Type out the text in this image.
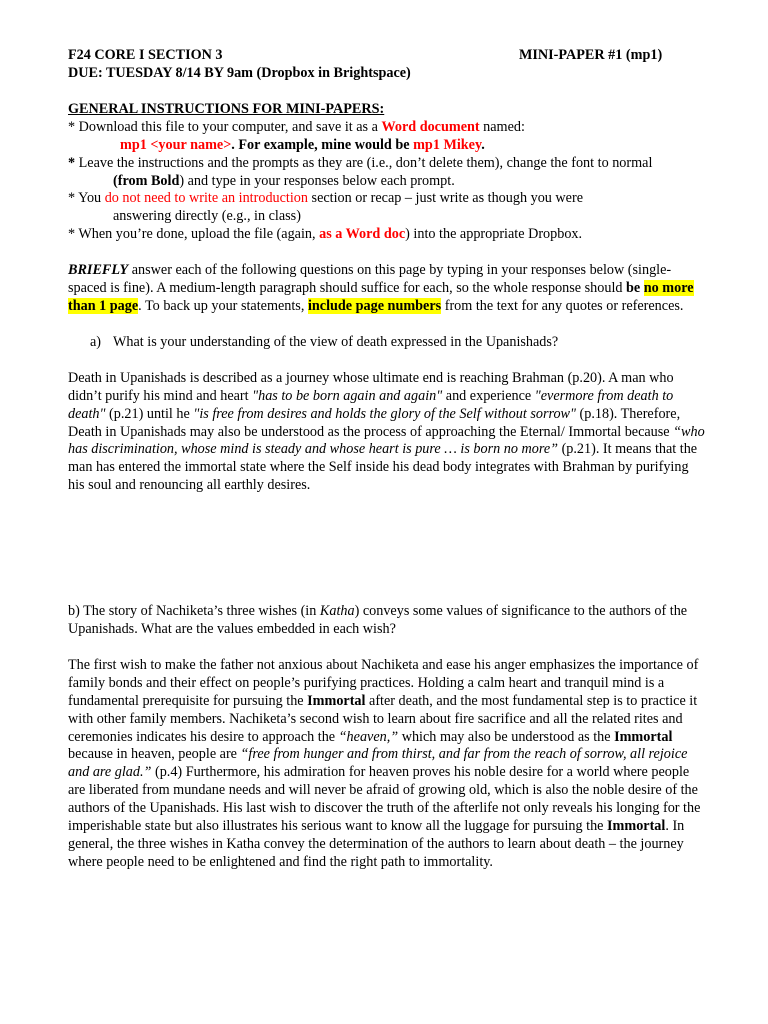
F24 CORE I SECTION 3	MINI-PAPER #1 (mp1)

DUE: TUESDAY 8/14 BY 9am (Dropbox in Brightspace)

GENERAL INSTRUCTIONS FOR MINI-PAPERS:

* Download this file to your computer, and save it as a Word document named:

mp1 <your name>. For example, mine would be mp1 Mikey.

* Leave the instructions and the prompts as they are (i.e., don’t delete them), change the font to normal

(from Bold) and type in your responses below each prompt.

* You do not need to write an introduction section or recap – just write as though you were

answering directly (e.g., in class)

* When you’re done, upload the file (again, as a Word doc) into the appropriate Dropbox.

BRIEFLY answer each of the following questions on this page by typing in your responses below (single-spaced is fine). A medium-length paragraph should suffice for each, so the whole response should be no more than 1 page. To back up your statements, include page numbers from the text for any quotes or references.

a) What is your understanding of the view of death expressed in the Upanishads?

Death in Upanishads is described as a journey whose ultimate end is reaching Brahman (p.20). A man who didn’t purify his mind and heart "has to be born again and again" and experience "evermore from death to death" (p.21) until he "is free from desires and holds the glory of the Self without sorrow" (p.18). Therefore, Death in Upanishads may also be understood as the process of approaching the Eternal/ Immortal because “who has discrimination, whose mind is steady and whose heart is pure … is born no more” (p.21). It means that the man has entered the immortal state where the Self inside his dead body integrates with Brahman by purifying his soul and renouncing all earthly desires.

b) The story of Nachiketa’s three wishes (in Katha) conveys some values of significance to the authors of the Upanishads. What are the values embedded in each wish?

The first wish to make the father not anxious about Nachiketa and ease his anger emphasizes the importance of family bonds and their effect on people’s purifying practices. Holding a calm heart and tranquil mind is a fundamental prerequisite for pursuing the Immortal after death, and the most fundamental step is to practice it with other family members. Nachiketa’s second wish to learn about fire sacrifice and all the related rites and ceremonies indicates his desire to approach the “heaven,” which may also be understood as the Immortal because in heaven, people are “free from hunger and from thirst, and far from the reach of sorrow, all rejoice and are glad.” (p.4) Furthermore, his admiration for heaven proves his noble desire for a world where people are liberated from mundane needs and will never be afraid of growing old, which is also the noble desire of the authors of the Upanishads. His last wish to discover the truth of the afterlife not only reveals his longing for the imperishable state but also illustrates his serious want to know all the luggage for pursuing the Immortal. In general, the three wishes in Katha convey the determination of the authors to learn about death – the journey where people need to be enlightened and find the right path to immortality.
